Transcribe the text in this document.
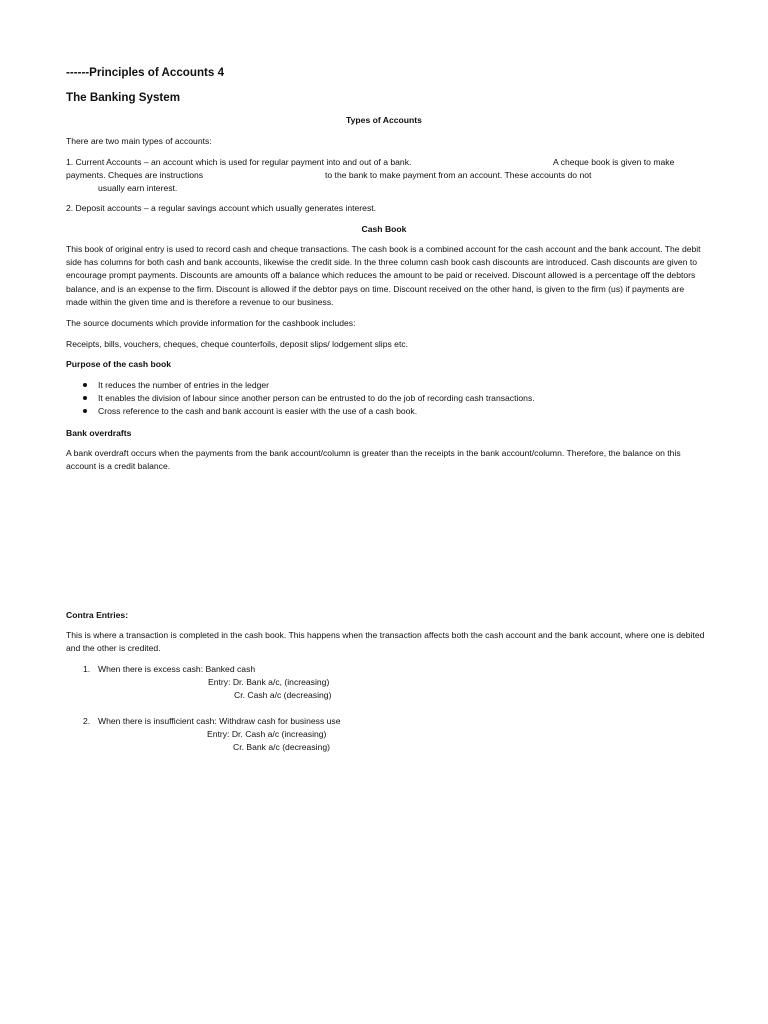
------Principles of Accounts 4
The Banking System
Types of Accounts
There are two main types of accounts:
1. Current Accounts – an account which is used for regular payment into and out of a bank.	A cheque book is given to make
payments. Cheques are instructions	to the bank to make payment from an account. These accounts do not
usually earn interest.
2. Deposit accounts – a regular savings account which usually generates interest.
Cash Book
This book of original entry is used to record cash and cheque transactions. The cash book is a combined account for the cash account and the bank account. The debit side has columns for both cash and bank accounts, likewise the credit side. In the three column cash book cash discounts are introduced. Cash discounts are given to encourage prompt payments. Discounts are amounts off a balance which reduces the amount to be paid or received. Discount allowed is a percentage off the debtors balance, and is an expense to the firm. Discount is allowed if the debtor pays on time. Discount received on the other hand, is given to the firm (us) if payments are made within the given time and is therefore a revenue to our business.
The source documents which provide information for the cashbook includes:
Receipts, bills, vouchers, cheques, cheque counterfoils, deposit slips/ lodgement slips etc.
Purpose of the cash book
It reduces the number of entries in the ledger
It enables the division of labour since another person can be entrusted to do the job of recording cash transactions.
Cross reference to the cash and bank account is easier with the use of a cash book.
Bank overdrafts
A bank overdraft occurs when the payments from the bank account/column is greater than the receipts in the bank account/column. Therefore, the balance on this account is a credit balance.
Contra Entries:
This is where a transaction is completed in the cash book. This happens when the transaction affects both the cash account and the bank account, where one is debited and the other is credited.
1. When there is excess cash: Banked cash
Entry: Dr. Bank a/c, (increasing)
Cr. Cash a/c (decreasing)
2. When there is insufficient cash: Withdraw cash for business use
Entry: Dr. Cash a/c (increasing)
Cr. Bank a/c (decreasing)
